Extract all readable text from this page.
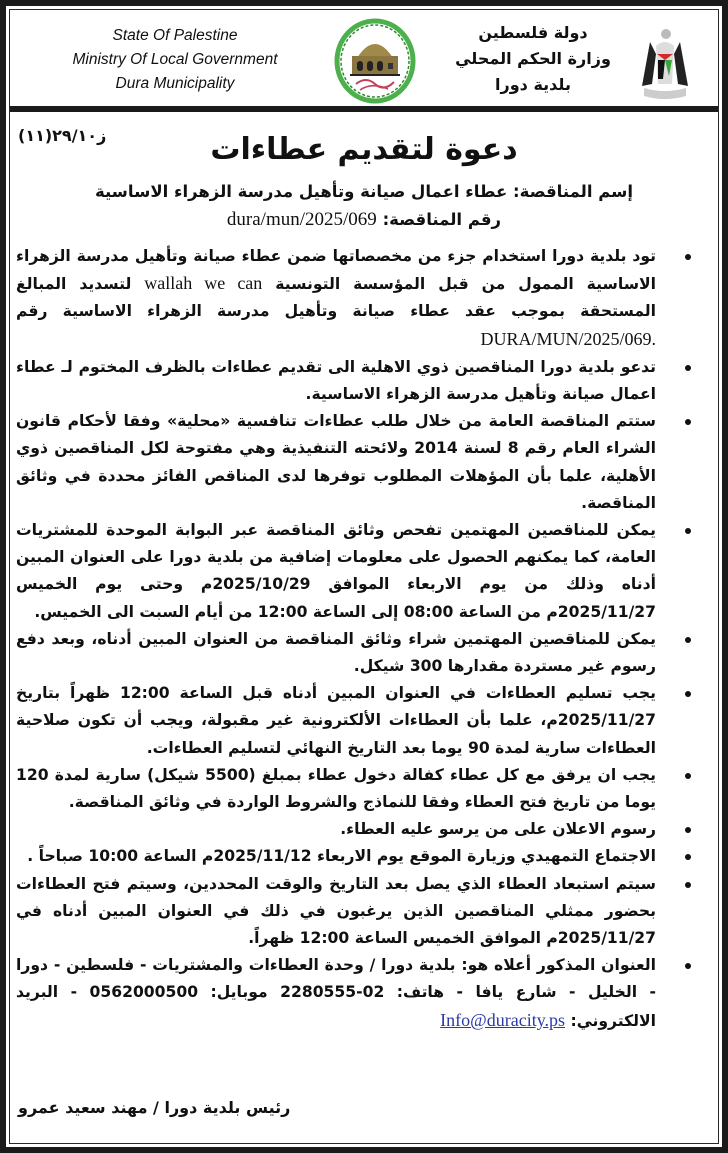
State Of Palestine
Ministry Of Local Government
Dura Municipality
دولة فلسطين
وزارة الحكم المحلي
بلدية دورا
ز٢٩/١٠(١١)	دعوة لتقديم عطاءات
إسم المناقصة: عطاء اعمال صيانة وتأهيل مدرسة الزهراء الاساسية
رقم المناقصة: dura/mun/2025/069
تود بلدية دورا استخدام جزء من مخصصاتها ضمن عطاء صيانة وتأهيل مدرسة الزهراء الاساسية الممول من قبل المؤسسة التونسية wallah we can لتسديد المبالغ المستحقة بموجب عقد عطاء صيانة وتأهيل مدرسة الزهراء الاساسية رقم DURA/MUN/2025/069.
تدعو بلدية دورا المناقصين ذوي الاهلية الى تقديم عطاءات بالظرف المختوم لـ عطاء اعمال صيانة وتأهيل مدرسة الزهراء الاساسية.
ستتم المناقصة العامة من خلال طلب عطاءات تنافسية «محلية» وفقا لأحكام قانون الشراء العام رقم 8 لسنة 2014 ولائحته التنفيذية وهي مفتوحة لكل المناقصين ذوي الأهلية، علما بأن المؤهلات المطلوب توفرها لدى المناقص الفائز محددة في وثائق المناقصة.
يمكن للمناقصين المهتمين تفحص وثائق المناقصة عبر البوابة الموحدة للمشتريات العامة، كما يمكنهم الحصول على معلومات إضافية من بلدية دورا على العنوان المبين أدناه وذلك من يوم الاربعاء الموافق 2025/10/29م وحتى يوم الخميس 2025/11/27م من الساعة 08:00 إلى الساعة 12:00 من أيام السبت الى الخميس.
يمكن للمناقصين المهتمين شراء وثائق المناقصة من العنوان المبين أدناه، وبعد دفع رسوم غير مستردة مقدارها 300 شيكل.
يجب تسليم العطاءات في العنوان المبين أدناه قبل الساعة 12:00 ظهراً بتاريخ 2025/11/27م، علما بأن العطاءات الألكترونية غير مقبولة، ويجب أن تكون صلاحية العطاءات سارية لمدة 90 يوما بعد التاريخ النهائي لتسليم العطاءات.
يجب ان يرفق مع كل عطاء كفالة دخول عطاء بمبلغ (5500 شيكل) سارية لمدة 120 يوما من تاريخ فتح العطاء وفقا للنماذج والشروط الواردة في وثائق المناقصة.
رسوم الاعلان على من يرسو عليه العطاء.
الاجتماع التمهيدي وزيارة الموقع يوم الاربعاء 2025/11/12م الساعة 10:00 صباحاً .
سيتم استبعاد العطاء الذي يصل بعد التاريخ والوقت المحددين، وسيتم فتح العطاءات بحضور ممثلي المناقصين الذين يرغبون في ذلك في العنوان المبين أدناه في 2025/11/27م الموافق الخميس الساعة 12:00 ظهراً.
العنوان المذكور أعلاه هو: بلدية دورا / وحدة العطاءات والمشتريات - فلسطين - دورا - الخليل - شارع يافا - هاتف: 02-2280555 موبايل: 0562000500 - البريد الالكتروني: Info@duracity.ps
رئيس بلدية دورا / مهند سعيد عمرو
